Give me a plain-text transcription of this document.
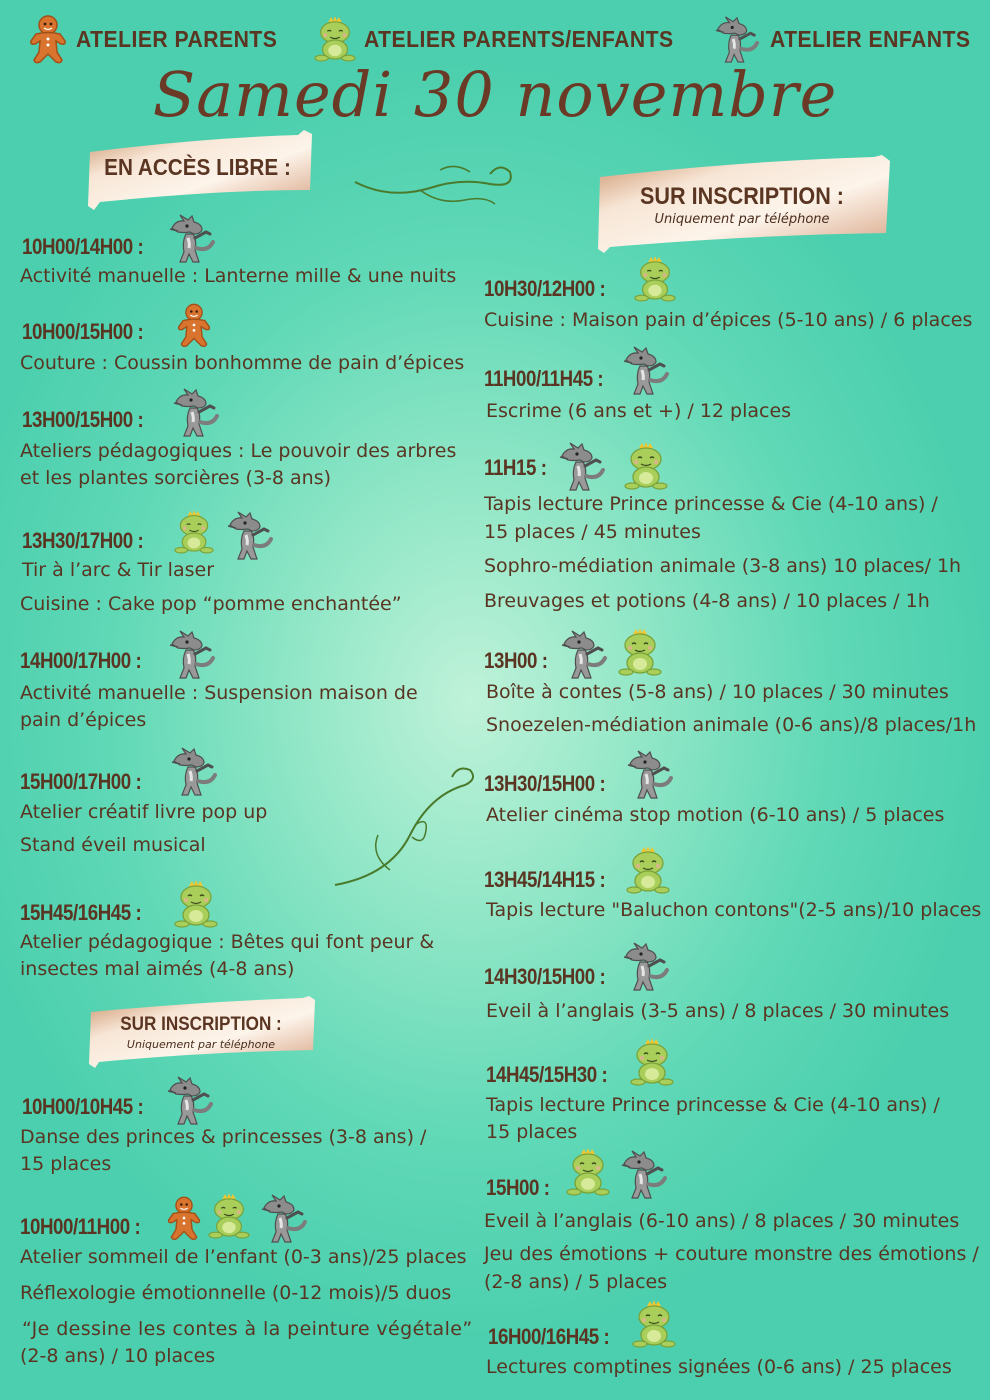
ATELIER PARENTS	ATELIER PARENTS/ENFANTS	ATELIER ENFANTS
Samedi 30 novembre
EN ACCÈS LIBRE :
SUR INSCRIPTION :
Uniquement par téléphone
SUR INSCRIPTION :
Uniquement par téléphone
10H00/14H00 :
Activité manuelle : Lanterne mille & une nuits
10H00/15H00 :
Couture : Coussin bonhomme de pain d’épices
13H00/15H00 :
Ateliers pédagogiques : Le pouvoir des arbres
et les plantes sorcières (3-8 ans)
13H30/17H00 :
Tir à l’arc & Tir laser
Cuisine : Cake pop “pomme enchantée”
14H00/17H00 :
Activité manuelle : Suspension maison de
pain d’épices
15H00/17H00 :
Atelier créatif livre pop up
Stand éveil musical
15H45/16H45 :
Atelier pédagogique : Bêtes qui font peur &
insectes mal aimés (4-8 ans)
10H00/10H45 :
Danse des princes & princesses (3-8 ans) /
15 places
10H00/11H00 :
Atelier sommeil de l’enfant (0-3 ans)/25 places
Réflexologie émotionnelle (0-12 mois)/5 duos
“Je dessine les contes à la peinture végétale”
(2-8 ans) / 10 places
10H30/12H00 :
Cuisine : Maison pain d’épices (5-10 ans) / 6 places
11H00/11H45 :
Escrime (6 ans et +) / 12 places
11H15 :
Tapis lecture Prince princesse & Cie (4-10 ans) /
15 places / 45 minutes
Sophro-médiation animale (3-8 ans) 10 places/ 1h
Breuvages et potions (4-8 ans) / 10 places / 1h
13H00 :
Boîte à contes (5-8 ans) / 10 places / 30 minutes
Snoezelen-médiation animale (0-6 ans)/8 places/1h
13H30/15H00 :
Atelier cinéma stop motion (6-10 ans) / 5 places
13H45/14H15 :
Tapis lecture "Baluchon contons"(2-5 ans)/10 places
14H30/15H00 :
Eveil à l’anglais (3-5 ans) / 8 places / 30 minutes
14H45/15H30 :
Tapis lecture Prince princesse & Cie (4-10 ans) /
15 places
15H00 :
Eveil à l’anglais (6-10 ans) / 8 places / 30 minutes
Jeu des émotions + couture monstre des émotions /
(2-8 ans) / 5 places
16H00/16H45 :
Lectures comptines signées (0-6 ans) / 25 places
